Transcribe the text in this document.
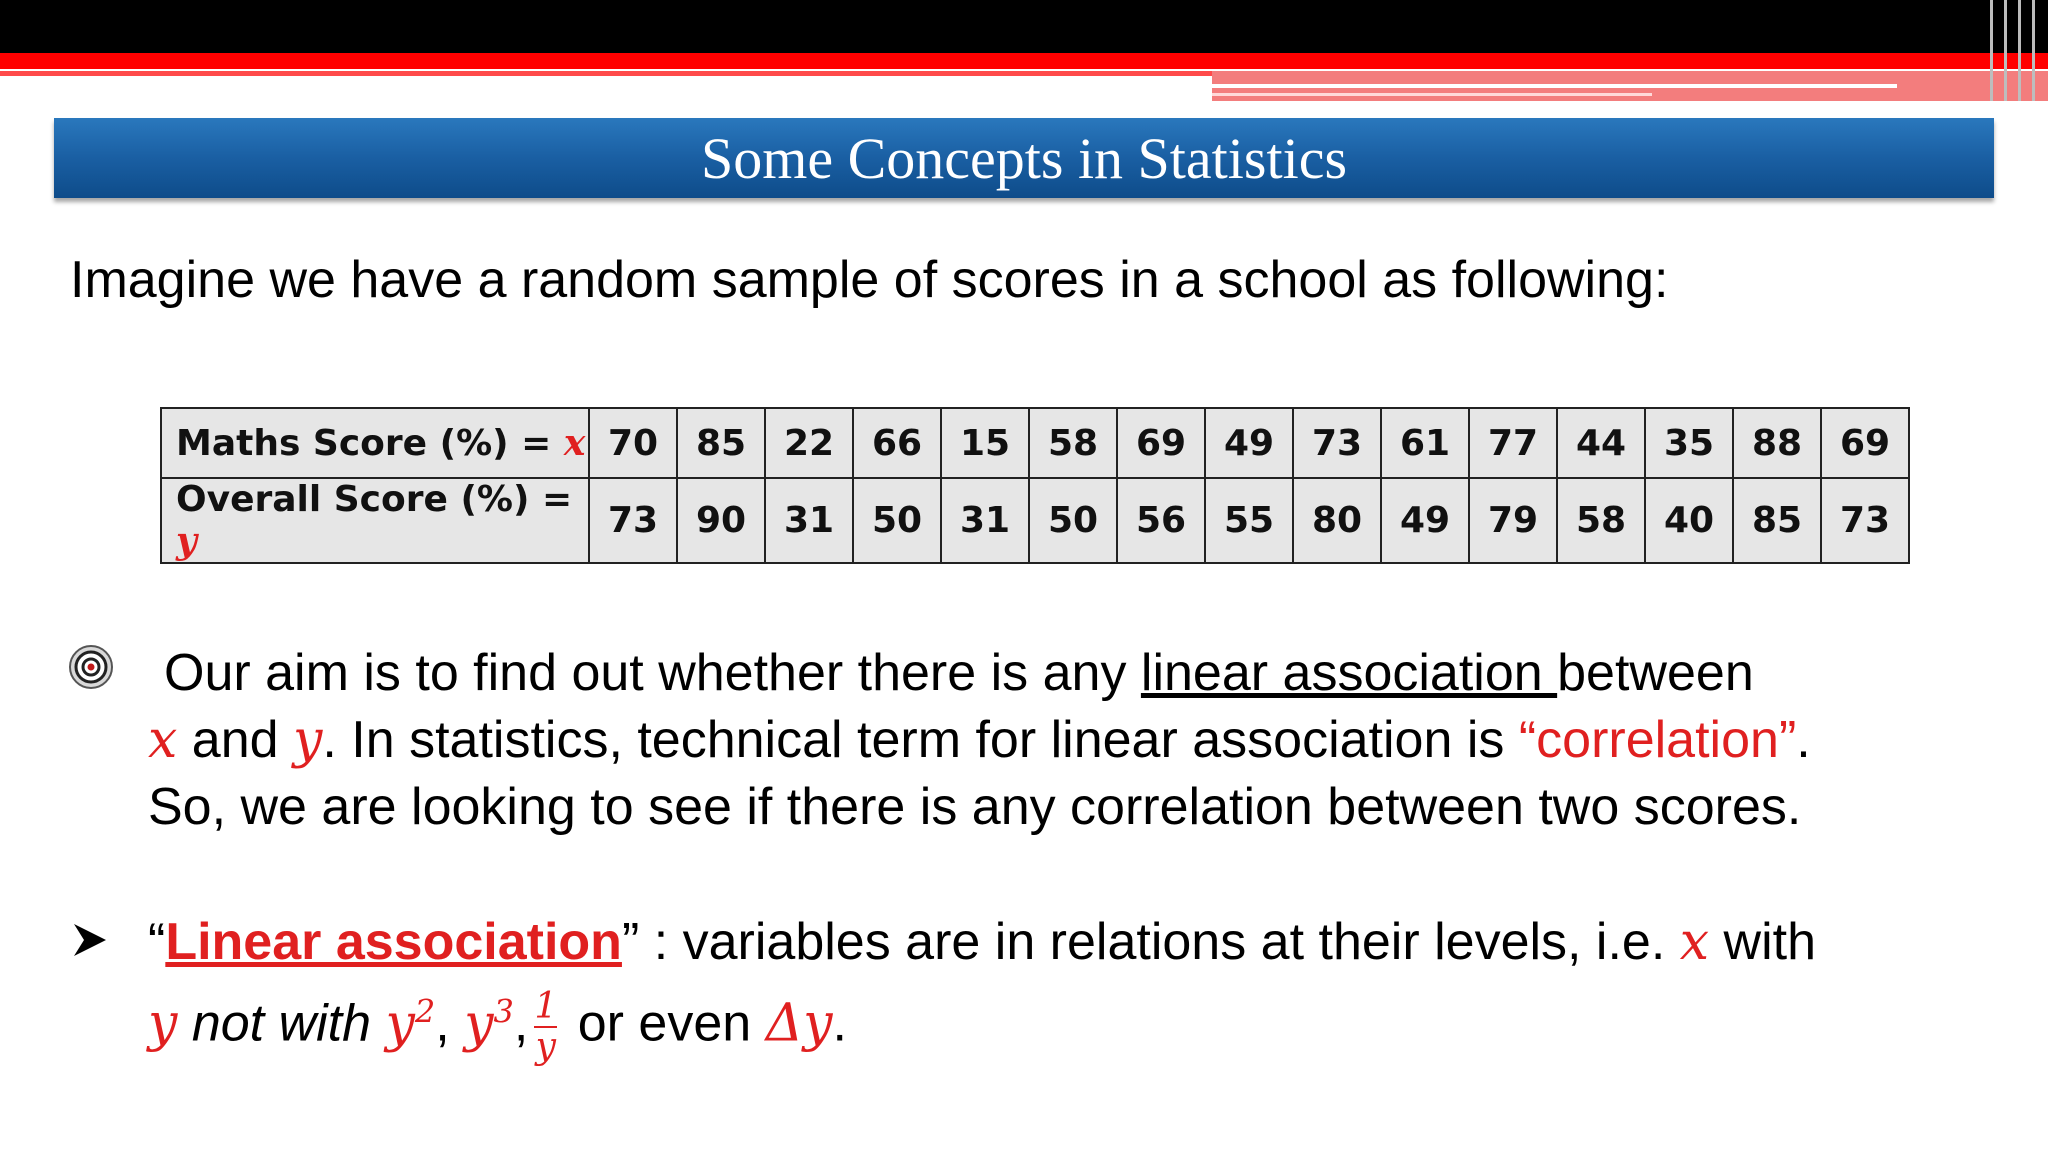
Some Concepts in Statistics
Imagine we have a random sample of scores in a school as following:
Maths Score (%) = x	70	85	22	66	15	58	69	49	73	61	77	44	35	88	69
Overall Score (%) = y	73	90	31	50	31	50	56	55	80	49	79	58	40	85	73
Our aim is to find out whether there is any linear association between
x and y. In statistics, technical term for linear association is “correlation”.
So, we are looking to see if there is any correlation between two scores.
“Linear association” : variables are in relations at their levels, i.e. x with
y not with $y^2$, $y^3$, $\frac{1}{y}$ or even Δy.
